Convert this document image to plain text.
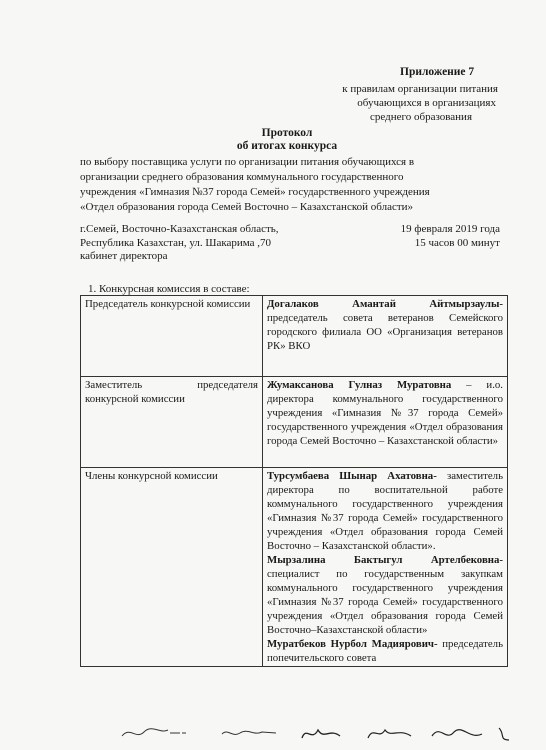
Приложение 7
к правилам организации питания
обучающихся в организациях
среднего образования
Протокол
об итогах конкурса
по выбору поставщика услуги по организации питания обучающихся в
организации среднего образования коммунального государственного
учреждения «Гимназия №37 города Семей» государственного учреждения
«Отдел образования города Семей Восточно – Казахстанской области»
г.Семей, Восточно-Казахстанская область,
Республика Казахстан, ул. Шакарима ,70
кабинет директора
19 февраля 2019 года
15 часов 00 минут
1. Конкурсная комиссия в составе:
Председатель конкурсной комиссии	Догалаков Амантай Айтмырзаулы- председатель совета ветеранов Семейского городского филиала ОО «Организация ветеранов РК» ВКО
Заместитель председателя конкурсной комиссии	Жумаксанова Гулназ Муратовна – и.о. директора коммунального государственного учреждения «Гимназия №37 города Семей» государственного учреждения «Отдел образования города Семей Восточно – Казахстанской области»
Члены конкурсной комиссии	Турсумбаева Шынар Ахатовна- заместитель директора по воспитательной работе коммунального государственного учреждения «Гимназия №37 города Семей» государственного учреждения «Отдел образования города Семей Восточно – Казахстанской области».
Мырзалина Бактыгул Артелбековна- специалист по государственным закупкам коммунального государственного учреждения «Гимназия №37 города Семей» государственного учреждения «Отдел образования города Семей Восточно–Казахстанской области»
Муратбеков Нурбол Мадиярович- председатель попечительского совета
